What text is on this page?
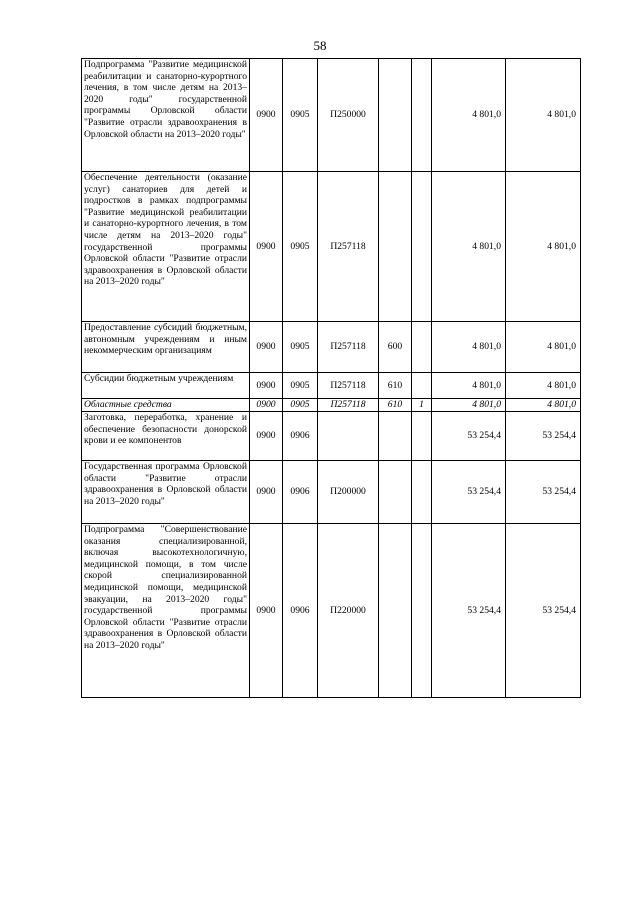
58
Подпрограмма "Развитие медицинской реабилитации и санаторно-курортного лечения, в том числе детям на 2013–2020 годы" государственной программы Орловской области "Развитие отрасли здравоохранения в Орловской области на 2013–2020 годы"	0900	0905	П250000			4 801,0	4 801,0
Обеспечение деятельности (оказание услуг) санаториев для детей и подростков в рамках подпрограммы "Развитие медицинской реабилитации и санаторно-курортного лечения, в том числе детям на 2013–2020 годы" государственной программы Орловской области "Развитие отрасли здравоохранения в Орловской области на 2013–2020 годы"	0900	0905	П257118			4 801,0	4 801,0
Предоставление субсидий бюджетным, автономным учреждениям и иным некоммерческим организациям	0900	0905	П257118	600		4 801,0	4 801,0
Субсидии бюджетным учреждениям	0900	0905	П257118	610		4 801,0	4 801,0
Областные средства	0900	0905	П257118	610	1	4 801,0	4 801,0
Заготовка, переработка, хранение и обеспечение безопасности донорской крови и ее компонентов	0900	0906				53 254,4	53 254,4
Государственная программа Орловской области "Развитие отрасли здравоохранения в Орловской области на 2013–2020 годы"	0900	0906	П200000			53 254,4	53 254,4
Подпрограмма "Совершенствование оказания специализированной, включая высокотехнологичную, медицинской помощи, в том числе скорой специализированной медицинской помощи, медицинской эвакуации, на 2013–2020 годы" государственной программы Орловской области "Развитие отрасли здравоохранения в Орловской области на 2013–2020 годы"	0900	0906	П220000			53 254,4	53 254,4
